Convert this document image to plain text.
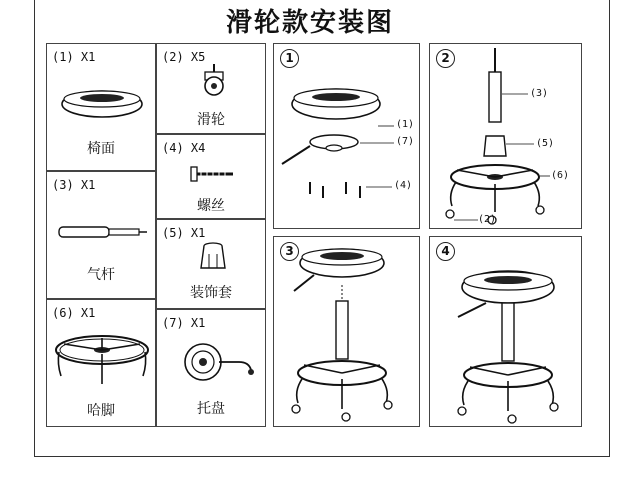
滑轮款安装图
(1) X1
椅面
(3) X1
气杆
(6) X1
哈脚
(2) X5
滑轮
(4) X4
螺丝
(5) X1
装饰套
(7) X1
托盘
1
(1)
(7)
(4)
2
(3)
(5)
(6)
(2)
3	4
